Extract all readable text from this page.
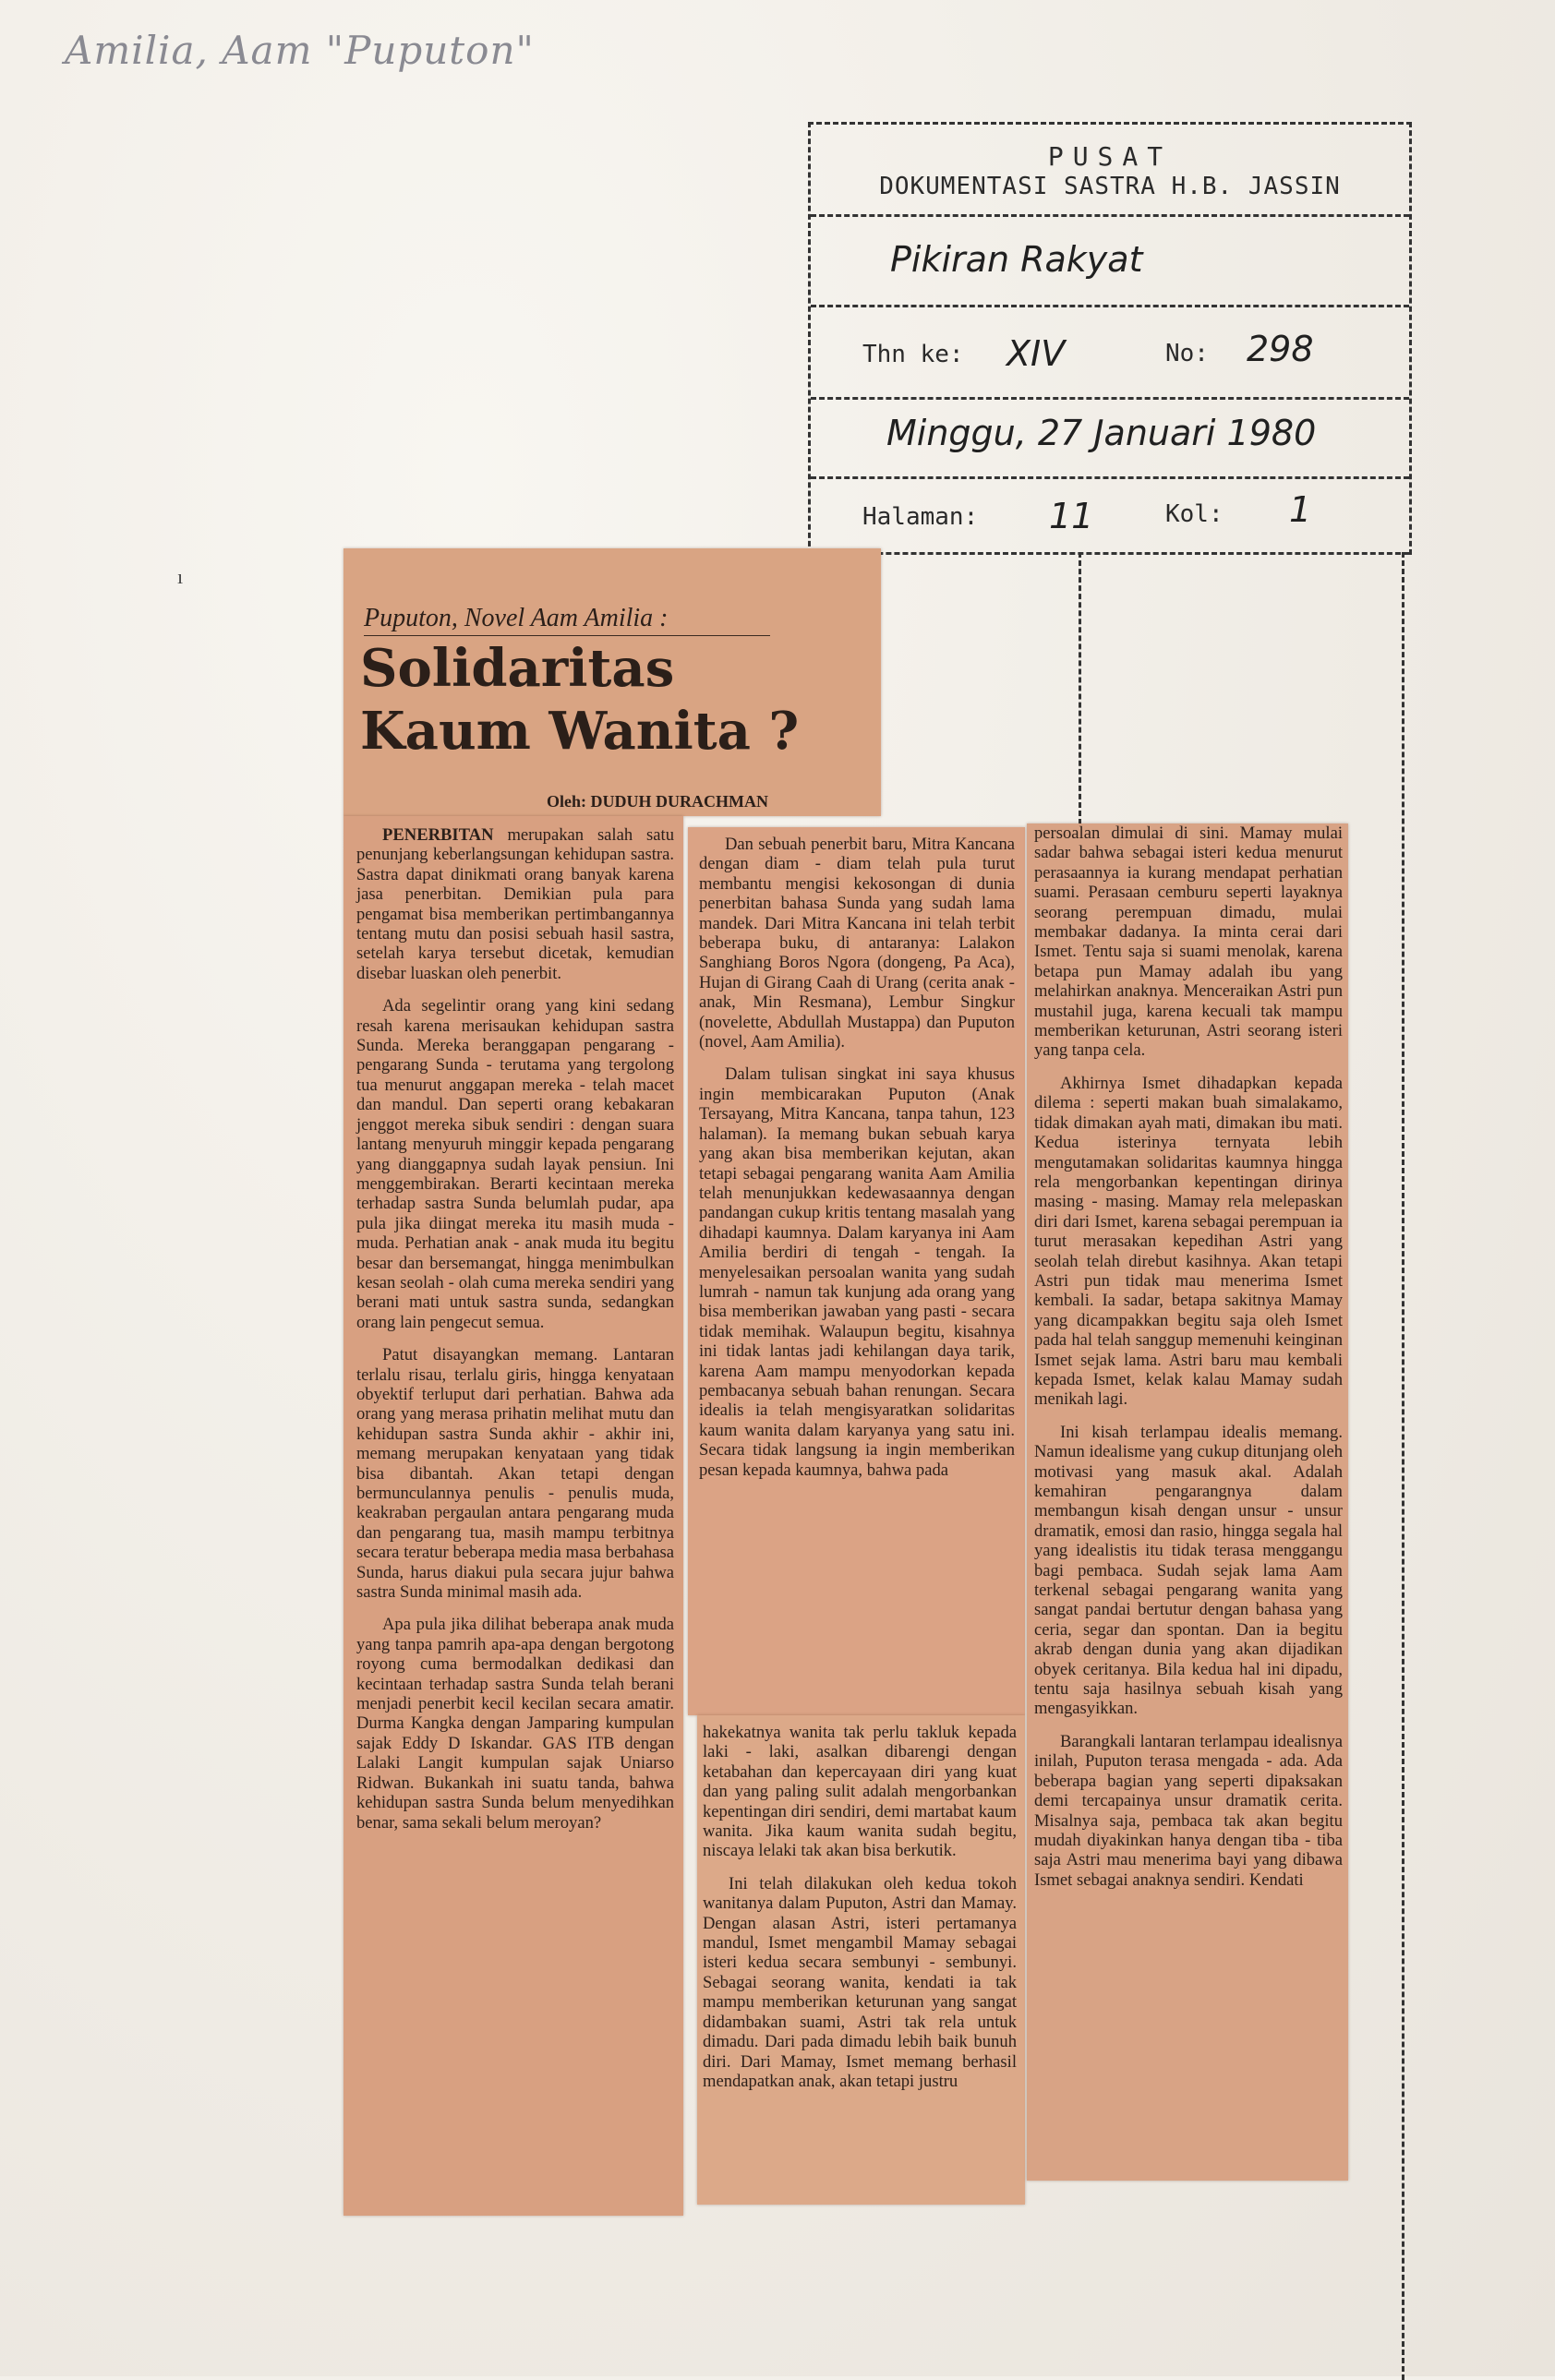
Amilia, Aam "Puputon"
PUSAT
DOKUMENTASI SASTRA H.B. JASSIN
Pikiran Rakyat
Thn ke: XIV
Minggu, 27 Januari 1980
Halaman: 11
No: 298
Kol: 1
ı
Puputon, Novel Aam Amilia :
Solidaritas
Kaum Wanita ?
Oleh: DUDUH DURACHMAN

PENERBITAN merupakan salah satu penunjang keberlangsungan kehidupan sastra. Sastra dapat dinikmati orang banyak karena jasa penerbitan. Demikian pula para pengamat bisa memberikan pertimbangannya tentang mutu dan posisi sebuah hasil sastra, setelah karya tersebut dicetak, kemudian disebar luaskan oleh penerbit.

Ada segelintir orang yang kini sedang resah karena merisaukan kehidupan sastra Sunda. Mereka beranggapan pengarang - pengarang Sunda - terutama yang tergolong tua menurut anggapan mereka - telah macet dan mandul. Dan seperti orang kebakaran jenggot mereka sibuk sendiri : dengan suara lantang menyuruh minggir kepada pengarang yang dianggapnya sudah layak pensiun. Ini menggembirakan. Berarti kecintaan mereka terhadap sastra Sunda belumlah pudar, apa pula jika diingat mereka itu masih muda - muda. Perhatian anak - anak muda itu begitu besar dan bersemangat, hingga menimbulkan kesan seolah - olah cuma mereka sendiri yang berani mati untuk sastra sunda, sedangkan orang lain pengecut semua.

Patut disayangkan memang. Lantaran terlalu risau, terlalu giris, hingga kenyataan obyektif terluput dari perhatian. Bahwa ada orang yang merasa prihatin melihat mutu dan kehidupan sastra Sunda akhir - akhir ini, memang merupakan kenyataan yang tidak bisa dibantah. Akan tetapi dengan bermunculannya penulis - penulis muda, keakraban pergaulan antara pengarang muda dan pengarang tua, masih mampu terbitnya secara teratur beberapa media masa berbahasa Sunda, harus diakui pula secara jujur bahwa sastra Sunda minimal masih ada.

Apa pula jika dilihat beberapa anak muda yang tanpa pamrih apa-apa dengan bergotong royong cuma bermodalkan dedikasi dan kecintaan terhadap sastra Sunda telah berani menjadi penerbit kecil kecilan secara amatir. Durma Kangka dengan Jamparing kumpulan sajak Eddy D Iskandar. GAS ITB dengan Lalaki Langit kumpulan sajak Uniarso Ridwan. Bukankah ini suatu tanda, bahwa kehidupan sastra Sunda belum menyedihkan benar, sama sekali belum meroyan?

Dan sebuah penerbit baru, Mitra Kancana dengan diam - diam telah pula turut membantu mengisi kekosongan di dunia penerbitan bahasa Sunda yang sudah lama mandek. Dari Mitra Kancana ini telah terbit beberapa buku, di antaranya: Lalakon Sanghiang Boros Ngora (dongeng, Pa Aca), Hujan di Girang Caah di Urang (cerita anak - anak, Min Resmana), Lembur Singkur (novelette, Abdullah Mustappa) dan Puputon (novel, Aam Amilia).

Dalam tulisan singkat ini saya khusus ingin membicarakan Puputon (Anak Tersayang, Mitra Kancana, tanpa tahun, 123 halaman). Ia memang bukan sebuah karya yang akan bisa memberikan kejutan, akan tetapi sebagai pengarang wanita Aam Amilia telah menunjukkan kedewasaannya dengan pandangan cukup kritis tentang masalah yang dihadapi kaumnya. Dalam karyanya ini Aam Amilia berdiri di tengah - tengah. Ia menyelesaikan persoalan wanita yang sudah lumrah - namun tak kunjung ada orang yang bisa memberikan jawaban yang pasti - secara tidak memihak. Walaupun begitu, kisahnya ini tidak lantas jadi kehilangan daya tarik, karena Aam mampu menyodorkan kepada pembacanya sebuah bahan renungan. Secara idealis ia telah mengisyaratkan solidaritas kaum wanita dalam karyanya yang satu ini. Secara tidak langsung ia ingin memberikan pesan kepada kaumnya, bahwa pada

hakekatnya wanita tak perlu takluk kepada laki - laki, asalkan dibarengi dengan ketabahan dan kepercayaan diri yang kuat dan yang paling sulit adalah mengorbankan kepentingan diri sendiri, demi martabat kaum wanita. Jika kaum wanita sudah begitu, niscaya lelaki tak akan bisa berkutik.

Ini telah dilakukan oleh kedua tokoh wanitanya dalam Puputon, Astri dan Mamay. Dengan alasan Astri, isteri pertamanya mandul, Ismet mengambil Mamay sebagai isteri kedua secara sembunyi - sembunyi. Sebagai seorang wanita, kendati ia tak mampu memberikan keturunan yang sangat didambakan suami, Astri tak rela untuk dimadu. Dari pada dimadu lebih baik bunuh diri. Dari Mamay, Ismet memang berhasil mendapatkan anak, akan tetapi justru

persoalan dimulai di sini. Mamay mulai sadar bahwa sebagai isteri kedua menurut perasaannya ia kurang mendapat perhatian suami. Perasaan cemburu seperti layaknya seorang perempuan dimadu, mulai membakar dadanya. Ia minta cerai dari Ismet. Tentu saja si suami menolak, karena betapa pun Mamay adalah ibu yang melahirkan anaknya. Menceraikan Astri pun mustahil juga, karena kecuali tak mampu memberikan keturunan, Astri seorang isteri yang tanpa cela.

Akhirnya Ismet dihadapkan kepada dilema : seperti makan buah simalakamo, tidak dimakan ayah mati, dimakan ibu mati. Kedua isterinya ternyata lebih mengutamakan solidaritas kaumnya hingga rela mengorbankan kepentingan dirinya masing - masing. Mamay rela melepaskan diri dari Ismet, karena sebagai perempuan ia turut merasakan kepedihan Astri yang seolah telah direbut kasihnya. Akan tetapi Astri pun tidak mau menerima Ismet kembali. Ia sadar, betapa sakitnya Mamay yang dicampakkan begitu saja oleh Ismet pada hal telah sanggup memenuhi keinginan Ismet sejak lama. Astri baru mau kembali kepada Ismet, kelak kalau Mamay sudah menikah lagi.

Ini kisah terlampau idealis memang. Namun idealisme yang cukup ditunjang oleh motivasi yang masuk akal. Adalah kemahiran pengarangnya dalam membangun kisah dengan unsur - unsur dramatik, emosi dan rasio, hingga segala hal yang idealistis itu tidak terasa menggangu bagi pembaca. Sudah sejak lama Aam terkenal sebagai pengarang wanita yang sangat pandai bertutur dengan bahasa yang ceria, segar dan spontan. Dan ia begitu akrab dengan dunia yang akan dijadikan obyek ceritanya. Bila kedua hal ini dipadu, tentu saja hasilnya sebuah kisah yang mengasyikkan.

Barangkali lantaran terlampau idealisnya inilah, Puputon terasa mengada - ada. Ada beberapa bagian yang seperti dipaksakan demi tercapainya unsur dramatik cerita. Misalnya saja, pembaca tak akan begitu mudah diyakinkan hanya dengan tiba - tiba saja Astri mau menerima bayi yang dibawa Ismet sebagai anaknya sendiri. Kendati
